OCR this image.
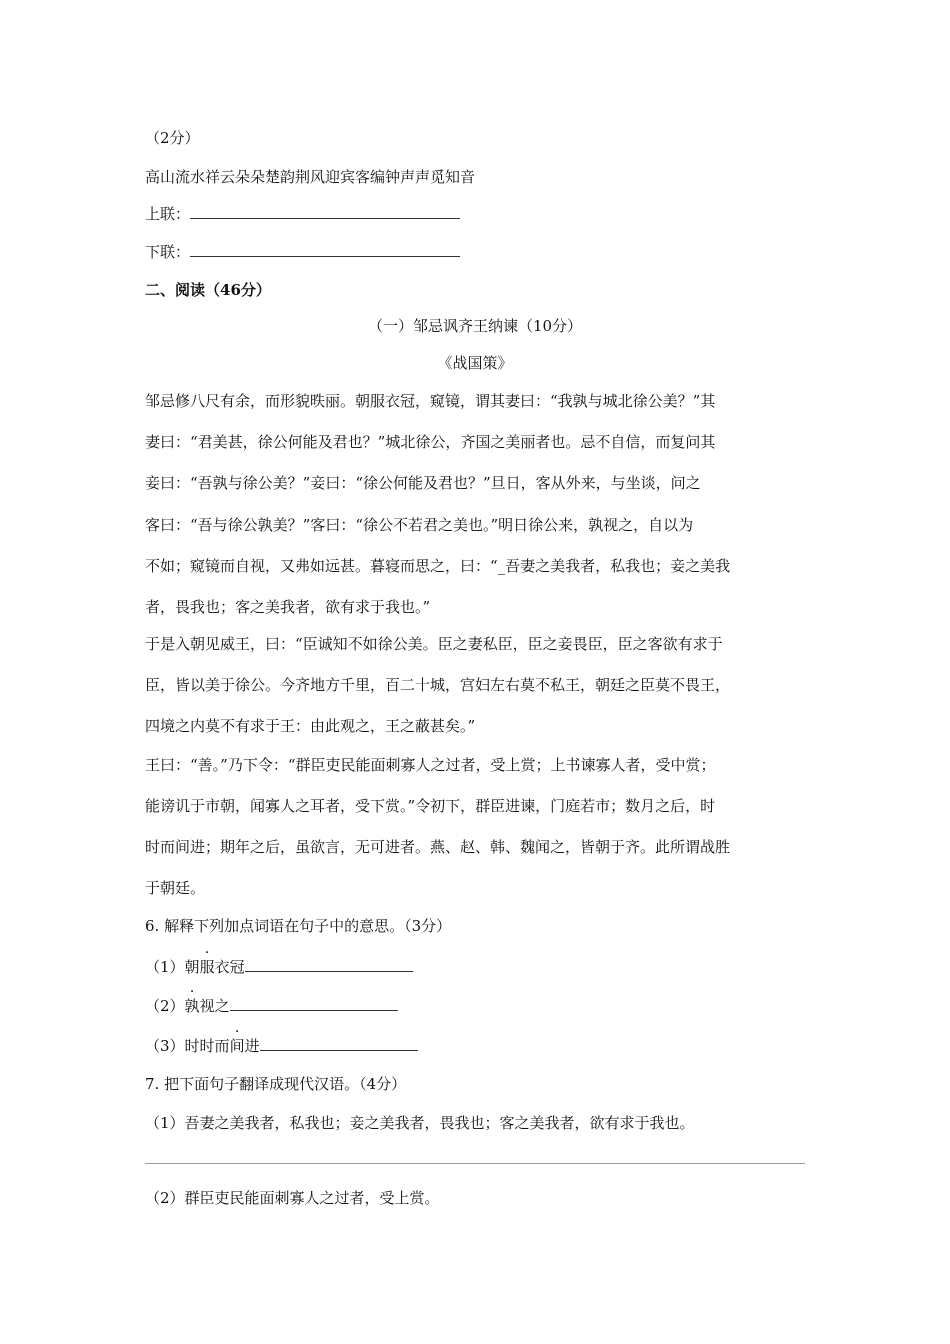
（2分）
高山流水祥云朵朵楚韵荆风迎宾客编钟声声觅知音
上联：
下联：
二、阅读（46分）
（一）邹忌讽齐王纳谏（10分）
《战国策》
邹忌修八尺有余，而形貌昳丽。朝服衣冠，窥镜，谓其妻曰：“我孰与城北徐公美？”其
妻曰：“君美甚，徐公何能及君也？”城北徐公，齐国之美丽者也。忌不自信，而复问其
妾曰：“吾孰与徐公美？”妾曰：“徐公何能及君也？”旦日，客从外来，与坐谈，问之
客曰：“吾与徐公孰美？”客曰：“徐公不若君之美也。”明日徐公来，孰视之，自以为
不如；窥镜而自视，又弗如远甚。暮寝而思之，曰：“_吾妻之美我者，私我也；妾之美我
者，畏我也；客之美我者，欲有求于我也。”
于是入朝见威王，曰：“臣诚知不如徐公美。臣之妻私臣，臣之妾畏臣，臣之客欲有求于
臣，皆以美于徐公。今齐地方千里，百二十城，宫妇左右莫不私王，朝廷之臣莫不畏王，
四境之内莫不有求于王：由此观之，王之蔽甚矣。”
王曰：“善。”乃下令：“群臣吏民能面刺寡人之过者，受上赏；上书谏寡人者，受中赏；
能谤讥于市朝，闻寡人之耳者，受下赏。”令初下，群臣进谏，门庭若市；数月之后，时
时而间进；期年之后，虽欲言，无可进者。燕、赵、韩、魏闻之，皆朝于齐。此所谓战胜
于朝廷。
6. 解释下列加点词语在句子中的意思。（3分）
（1）朝服衣冠
（2）孰视之
（3）时时而间进
7. 把下面句子翻译成现代汉语。（4分）
（1）吾妻之美我者，私我也；妾之美我者，畏我也；客之美我者，欲有求于我也。
（2）群臣吏民能面刺寡人之过者，受上赏。
